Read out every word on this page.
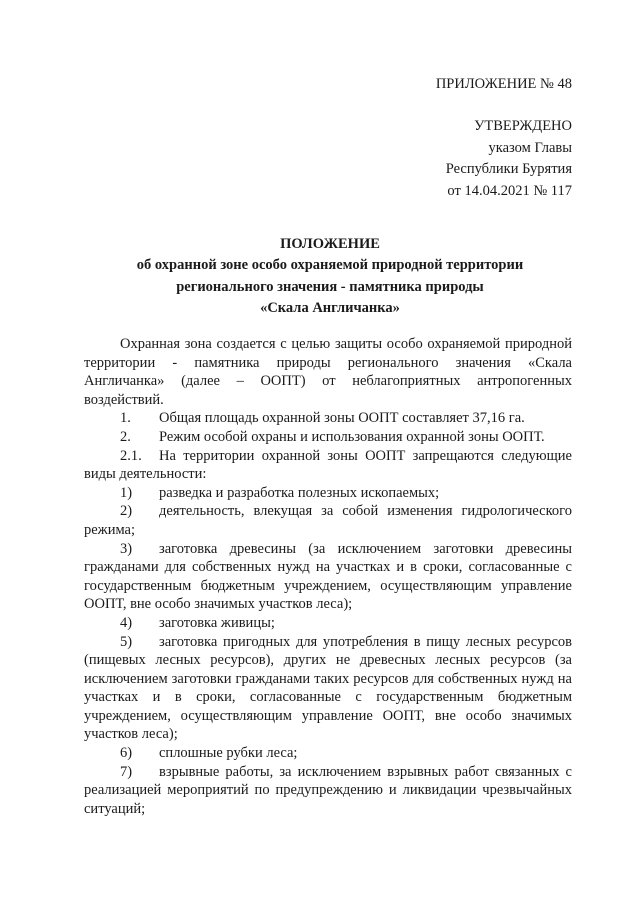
ПРИЛОЖЕНИЕ № 48
УТВЕРЖДЕНО
указом Главы
Республики Бурятия
от 14.04.2021 № 117
ПОЛОЖЕНИЕ
об охранной зоне особо охраняемой природной территории
регионального значения - памятника природы
«Скала Англичанка»

Охранная зона создается с целью защиты особо охраняемой природной территории - памятника природы регионального значения «Скала Англичанка» (далее – ООПТ) от неблагоприятных антропогенных воздействий.

1. Общая площадь охранной зоны ООПТ составляет 37,16 га.

2. Режим особой охраны и использования охранной зоны ООПТ.

2.1. На территории охранной зоны ООПТ запрещаются следующие виды деятельности:

1) разведка и разработка полезных ископаемых;

2) деятельность, влекущая за собой изменения гидрологического режима;

3) заготовка древесины (за исключением заготовки древесины гражданами для собственных нужд на участках и в сроки, согласованные с государственным бюджетным учреждением, осуществляющим управление ООПТ, вне особо значимых участков леса);

4) заготовка живицы;

5) заготовка пригодных для употребления в пищу лесных ресурсов (пищевых лесных ресурсов), других не древесных лесных ресурсов (за исключением заготовки гражданами таких ресурсов для собственных нужд на участках и в сроки, согласованные с государственным бюджетным учреждением, осуществляющим управление ООПТ, вне особо значимых участков леса);

6) сплошные рубки леса;

7) взрывные работы, за исключением взрывных работ связанных с реализацией мероприятий по предупреждению и ликвидации чрезвычайных ситуаций;
